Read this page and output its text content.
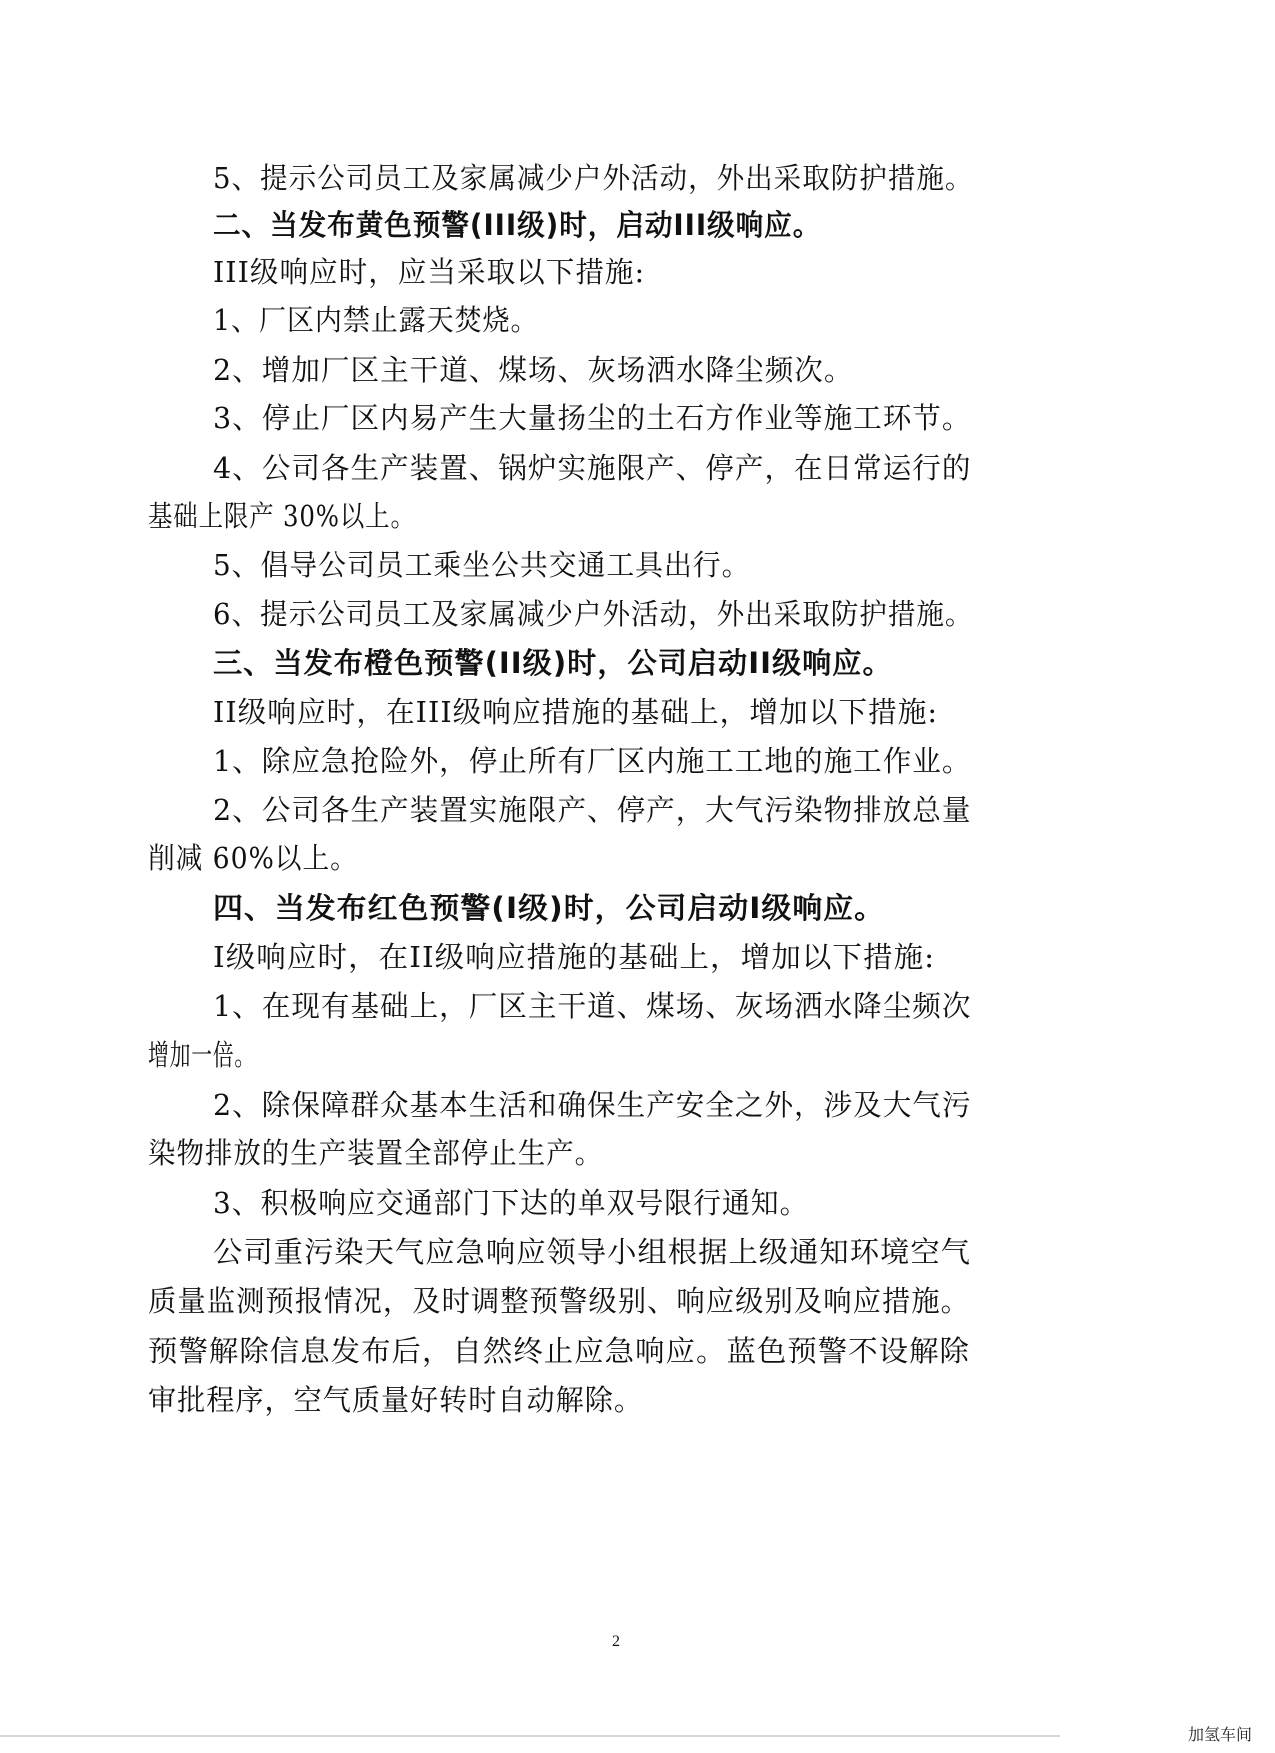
5、提示公司员工及家属减少户外活动，外出采取防护措施。
二、当发布黄色预警(III级)时，启动III级响应。
III级响应时，应当采取以下措施:
1、厂区内禁止露天焚烧。
2、增加厂区主干道、煤场、灰场洒水降尘频次。
3、停止厂区内易产生大量扬尘的土石方作业等施工环节。
4、公司各生产装置、锅炉实施限产、停产，在日常运行的
基础上限产 30%以上。
5、倡导公司员工乘坐公共交通工具出行。
6、提示公司员工及家属减少户外活动，外出采取防护措施。
三、当发布橙色预警(II级)时，公司启动II级响应。
II级响应时，在III级响应措施的基础上，增加以下措施:
1、除应急抢险外，停止所有厂区内施工工地的施工作业。
2、公司各生产装置实施限产、停产，大气污染物排放总量
削减 60%以上。
四、当发布红色预警(I级)时，公司启动I级响应。
I级响应时，在II级响应措施的基础上，增加以下措施:
1、在现有基础上，厂区主干道、煤场、灰场洒水降尘频次
增加一倍。
2、除保障群众基本生活和确保生产安全之外，涉及大气污
染物排放的生产装置全部停止生产。
3、积极响应交通部门下达的单双号限行通知。
公司重污染天气应急响应领导小组根据上级通知环境空气
质量监测预报情况，及时调整预警级别、响应级别及响应措施。
预警解除信息发布后，自然终止应急响应。蓝色预警不设解除
审批程序，空气质量好转时自动解除。
2
加氢车间
